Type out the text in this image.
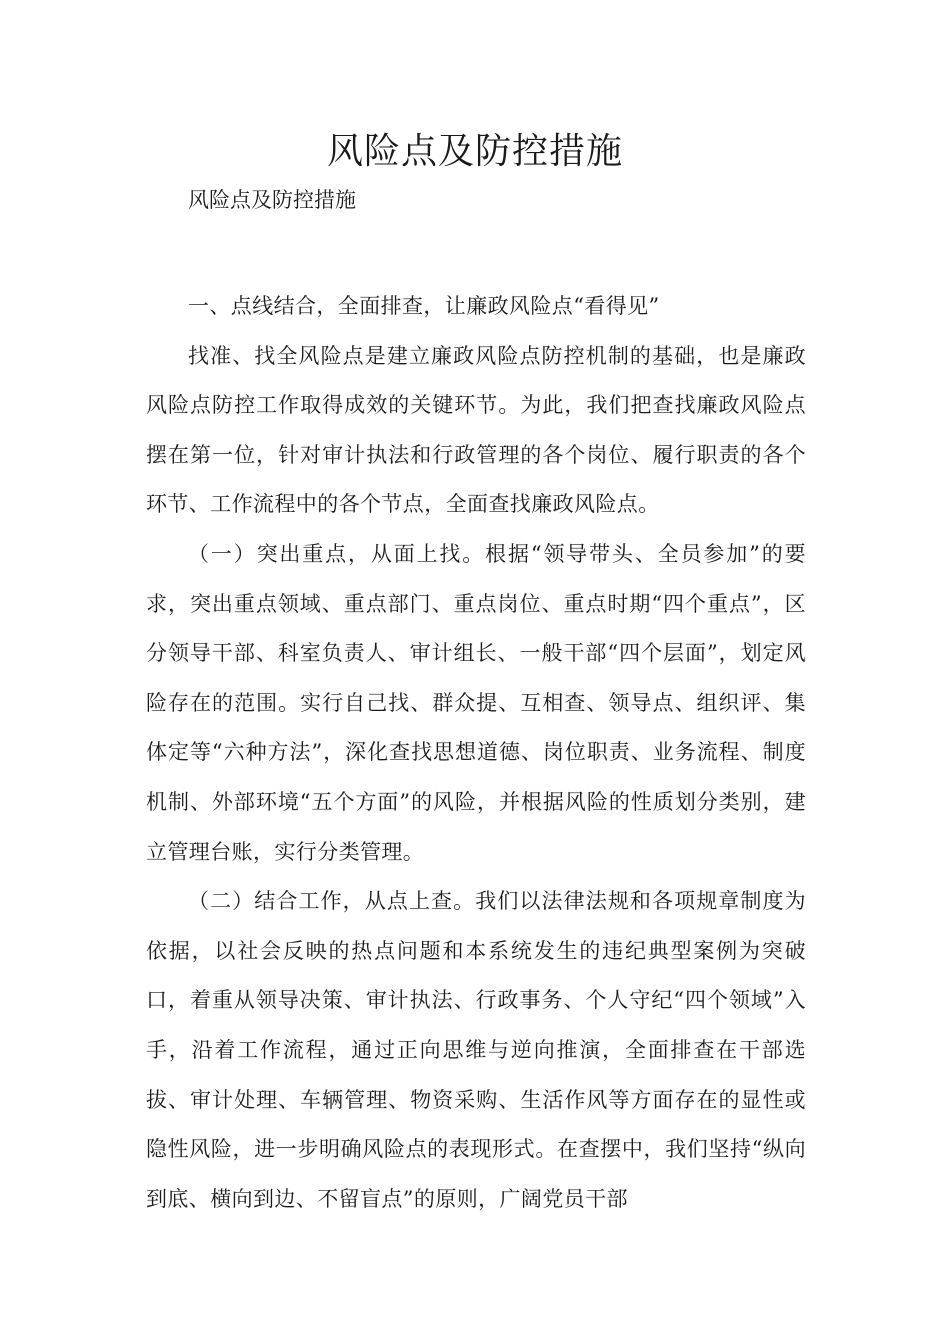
风险点及防控措施

风险点及防控措施

一、点线结合，全面排查，让廉政风险点“看得见”

找准、找全风险点是建立廉政风险点防控机制的基础，也是廉政风险点防控工作取得成效的关键环节。为此，我们把查找廉政风险点摆在第一位，针对审计执法和行政管理的各个岗位、履行职责的各个环节、工作流程中的各个节点，全面查找廉政风险点。

（一）突出重点，从面上找。根据“领导带头、全员参加”的要求，突出重点领域、重点部门、重点岗位、重点时期“四个重点”，区分领导干部、科室负责人、审计组长、一般干部“四个层面”，划定风险存在的范围。实行自己找、群众提、互相查、领导点、组织评、集体定等“六种方法”，深化查找思想道德、岗位职责、业务流程、制度机制、外部环境“五个方面”的风险，并根据风险的性质划分类别，建立管理台账，实行分类管理。

（二）结合工作，从点上查。我们以法律法规和各项规章制度为依据，以社会反映的热点问题和本系统发生的违纪典型案例为突破口，着重从领导决策、审计执法、行政事务、个人守纪“四个领域”入手，沿着工作流程，通过正向思维与逆向推演，全面排查在干部选拔、审计处理、车辆管理、物资采购、生活作风等方面存在的显性或隐性风险，进一步明确风险点的表现形式。在查摆中，我们坚持“纵向到底、横向到边、不留盲点”的原则，广阔党员干部
